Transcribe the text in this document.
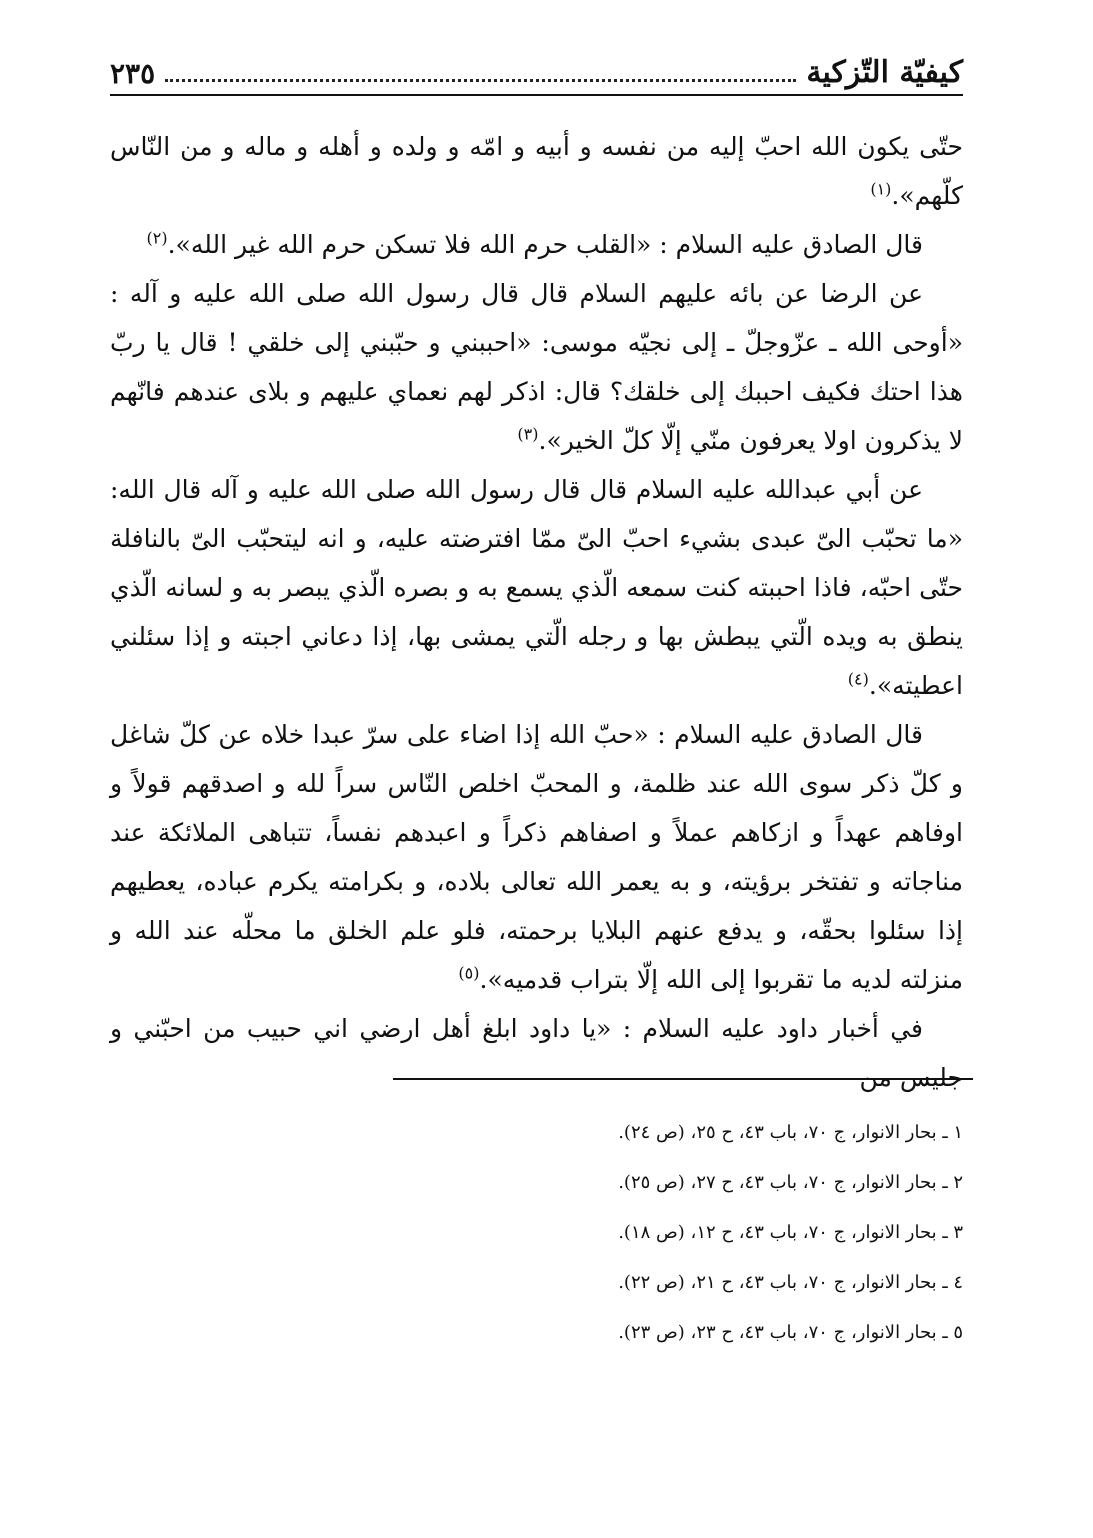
كيفيّة التّزكية
٢٣٥

حتّى يكون الله احبّ إليه من نفسه و أبيه و امّه و ولده و أهله و ماله و من النّاس كلّهم».$^{(١)}$

قال الصادق عليه السلام : «القلب حرم الله فلا تسكن حرم الله غير الله».$^{(٢)}$

عن الرضا عن بائه عليهم السلام قال قال رسول الله صلى الله عليه و آله : «أوحى الله ـ عزّوجلّ ـ إلى نجيّه موسى: «احببني و حبّبني إلى خلقي ! قال يا ربّ هذا احتك فكيف احببك إلى خلقك؟ قال: اذكر لهم نعماي عليهم و بلاى عندهم فانّهم لا يذكرون اولا يعرفون منّي إلّا كلّ الخير».$^{(٣)}$

عن أبي عبدالله عليه السلام قال قال رسول الله صلى الله عليه و آله قال الله: «ما تحبّب الىّ عبدى بشيء احبّ الىّ ممّا افترضته عليه، و انه ليتحبّب الىّ بالنافلة حتّى احبّه، فاذا احببته كنت سمعه الّذي يسمع به و بصره الّذي يبصر به و لسانه الّذي ينطق به ويده الّتي يبطش بها و رجله الّتي يمشى بها، إذا دعاني اجبته و إذا سئلني اعطيته».$^{(٤)}$

قال الصادق عليه السلام : «حبّ الله إذا اضاء على سرّ عبدا خلاه عن كلّ شاغل و كلّ ذكر سوى الله عند ظلمة، و المحبّ اخلص النّاس سراً لله و اصدقهم قولاً و اوفاهم عهداً و ازكاهم عملاً و اصفاهم ذكراً و اعبدهم نفساً، تتباهى الملائكة عند مناجاته و تفتخر برؤيته، و به يعمر الله تعالى بلاده، و بكرامته يكرم عباده، يعطيهم إذا سئلوا بحقّه، و يدفع عنهم البلايا برحمته، فلو علم الخلق ما محلّه عند الله و منزلته لديه ما تقربوا إلى الله إلّا بتراب قدميه».$^{(٥)}$

في أخبار داود عليه السلام : «يا داود ابلغ أهل ارضي اني حبيب من احبّني و جليس من

١ ـ بحار الانوار، ج ٧٠، باب ٤٣، ح ٢٥، (ص ٢٤).
٢ ـ بحار الانوار، ج ٧٠، باب ٤٣، ح ٢٧، (ص ٢٥).
٣ ـ بحار الانوار، ج ٧٠، باب ٤٣، ح ١٢، (ص ١٨).
٤ ـ بحار الانوار، ج ٧٠، باب ٤٣، ح ٢١، (ص ٢٢).
٥ ـ بحار الانوار، ج ٧٠، باب ٤٣، ح ٢٣، (ص ٢٣).
